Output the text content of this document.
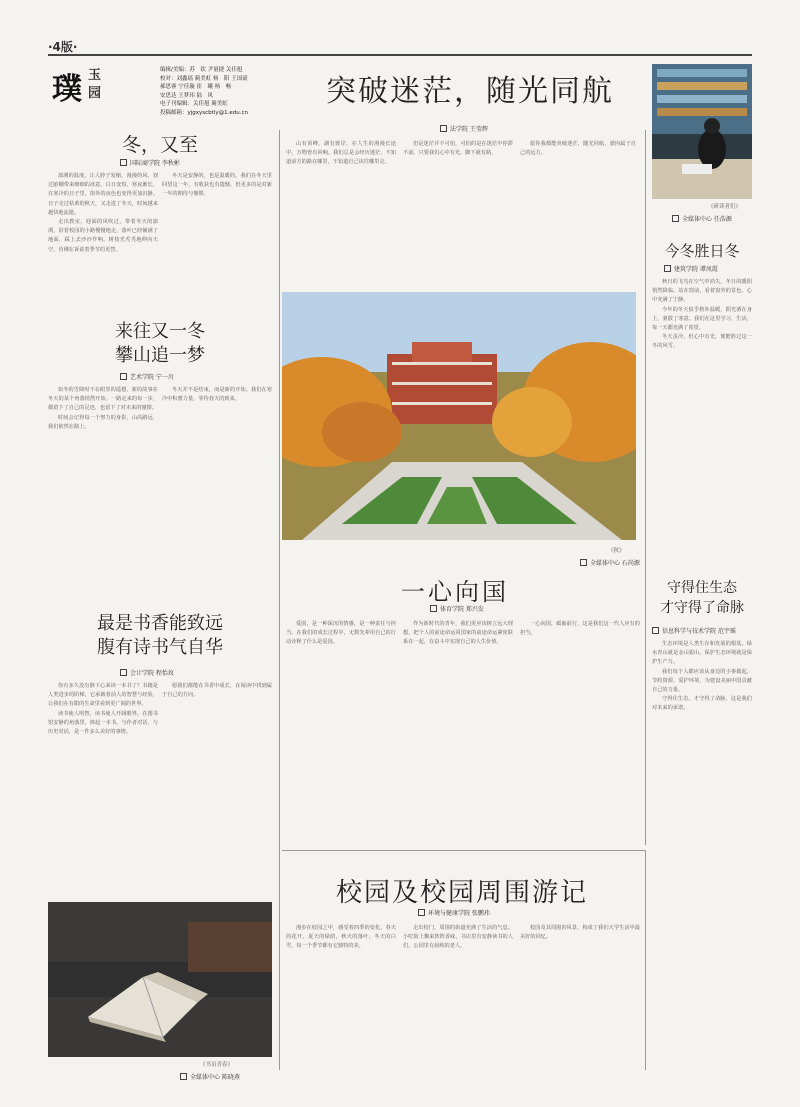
·4版·
璞 玉
园
编辑/美编：苏　钦 尹量捷 关佳旭
校对：刘鑫瑶 蔺美虹 杨　阳 王国豪
郝思睿 宁佳璇 崔　曦 杨　畅
安思达 王梦玮 陆　风
电子刊编辑：关佳旭 蔺美虹
投稿邮箱：yjgxyscbtly@1.edu.cn
突破迷茫，随光同航
冬，又至
国际商学院 李秋彬

凛冽的温度，让人脖子发缩，漫漫的风，划过胎棚带来细细的冰意。白日变短，寒夜渐长，在寒冷的日子里，窗外的夜色也变得更加沉静。日子走过枯黄的秋天，又走进了冬天，时间越来越快地流逝。

走出教室，迎面的风吹过，带着冬天的凛冽。沿着校园的小路慢慢地走，落叶已经铺满了地面，踩上去沙沙作响。树枝光秃秃地伸向天空，仿佛在诉说着季节的更替。

冬天是安静的，也是温暖的。我们在冬天里回望这一年，有收获也有遗憾，但更多的是对新一年的期待与憧憬。

来往又一冬
攀山追一梦
艺术学院 宁一川

如冬的雪降时不在眼里的遥想，新的故事在冬天的某个角落悄然开始。一路走来的每一步，都留下了自己的足迹，也留下了对未来的憧憬。

时间会记得每一个努力的身影，山高路远，我们依然在路上。

冬天并不是结束，而是新的开始。我们在寒冷中积蓄力量，等待春天的到来。

最是书香能致远
腹有诗书气自华
会计学院 程怡玫

你有多久没有静下心来读一本书了？书籍是人类进步的阶梯，它承载着前人的智慧与经验，让我们在有限的生命里看到更广阔的世界。

读书使人明智，读书使人开阔眼界。在图书馆安静的角落里，捧起一本书，与作者对话，与历史对话，是一件多么美好的事情。

愿我们都能在书香中成长，在阅读中找到属于自己的方向。

《书页青春》
全媒体中心 陈晓燕
法学院 王莹辉

山有顶峰，湖有彼岸，在人生的漫漫长途中，万物皆有回响。我们总是会经历迷茫，不知道前方的路在哪里，不知道自己该往哪里走。

但是迷茫并不可怕，可怕的是在迷茫中停滞不前。只要我们心中有光，脚下就有路。

愿你我都能突破迷茫，随光同航，驶向属于自己的远方。

《秋》
全媒体中心 石尚源
一心向国
体育学院 郑兴发

爱国，是一种深沉的情感，是一种责任与担当。在我们的成长过程中，无数先辈用自己的行动诠释了什么是爱国。

作为新时代的青年，我们更应该树立远大理想，把个人的前途命运同国家的前途命运紧密联系在一起，在奋斗中实现自己的人生价值。

一心向国，砥砺前行，这是我们这一代人应有的担当。

《研读者们》
全媒体中心 任浩源
今冬胜日冬
建筑学院 谭凤霞

秋日的飞鸟在空气中消失，冬日的暖阳悄然降临。站在窗前，看着窗外的景色，心中充满了宁静。

今年的冬天似乎格外温暖，阳光洒在身上，驱散了寒意。我们在这里学习、生活，每一天都充满了希望。

冬天虽冷，但心中有光，便能胜过这一冬的风雪。

守得住生态
才守得了命脉
信息科学与技术学院 范宇瑶

生态环境是人类生存和发展的根基。绿水青山就是金山银山，保护生态环境就是保护生产力。

我们每个人都应该从身边的小事做起，节约资源，爱护环境，为建设美丽中国贡献自己的力量。

守得住生态，才守得了命脉，这是我们对未来的承诺。

校园及校园周围游记
环境与健康学院 张鹏玮

漫步在校园之中，感受着四季的变化。春天的花开，夏天的绿荫，秋天的落叶，冬天的白雪，每一个季节都有它独特的美。

走出校门，周围的街道充满了生活的气息。小吃街上飘来阵阵香味，书店里有安静读书的人们，公园里有晨练的老人。

校园及其周围的风景，构成了我们大学生活中最美好的回忆。
